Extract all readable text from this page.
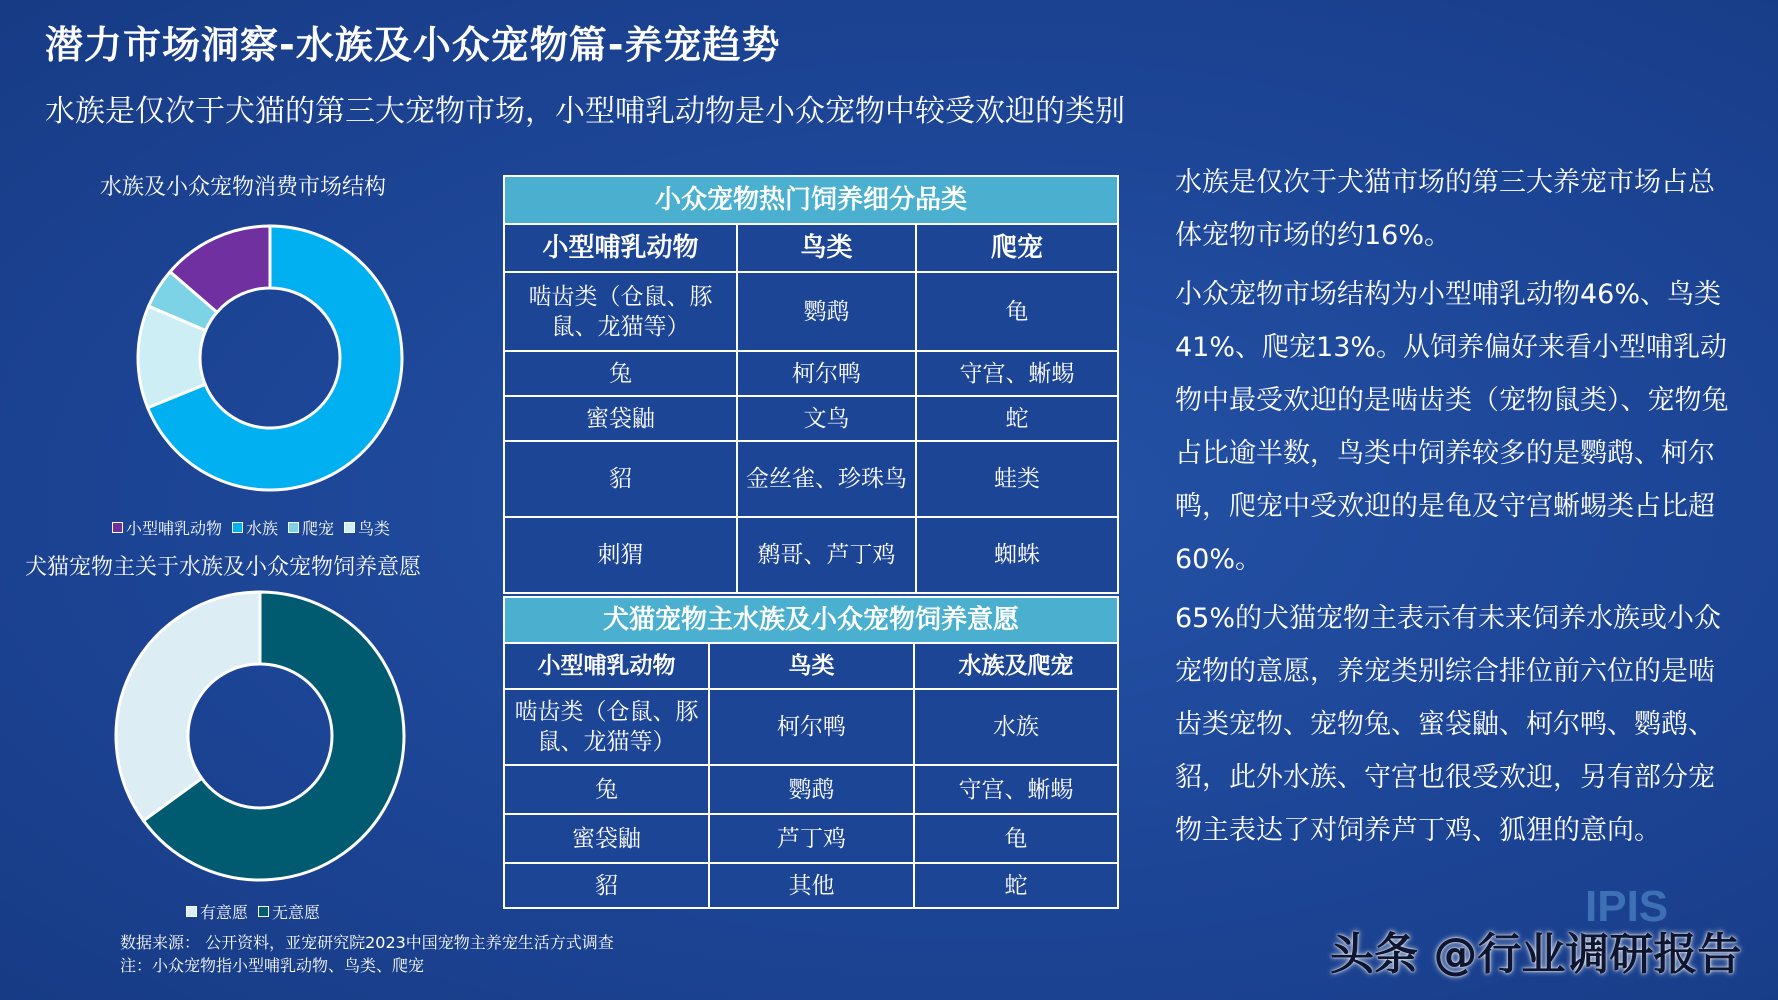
潜力市场洞察-水族及小众宠物篇-养宠趋势
水族是仅次于犬猫的第三大宠物市场，小型哺乳动物是小众宠物中较受欢迎的类别
水族及小众宠物消费市场结构
小型哺乳动物 水族 爬宠 鸟类
犬猫宠物主关于水族及小众宠物饲养意愿
有意愿 无意愿
小众宠物热门饲养细分品类		
小型哺乳动物	鸟类	爬宠
啮齿类（仓鼠、豚鼠、龙猫等）	鹦鹉	龟
兔	柯尔鸭	守宫、蜥蜴
蜜袋鼬	文鸟	蛇
貂	金丝雀、珍珠鸟	蛙类
刺猬	鹩哥、芦丁鸡	蜘蛛
犬猫宠物主水族及小众宠物饲养意愿		
小型哺乳动物	鸟类	水族及爬宠
啮齿类（仓鼠、豚鼠、龙猫等）	柯尔鸭	水族
兔	鹦鹉	守宫、蜥蜴
蜜袋鼬	芦丁鸡	龟
貂	其他	蛇

水族是仅次于犬猫市场的第三大养宠市场占总体宠物市场的约16%。

小众宠物市场结构为小型哺乳动物46%、鸟类41%、爬宠13%。从饲养偏好来看小型哺乳动物中最受欢迎的是啮齿类（宠物鼠类）、宠物兔占比逾半数，鸟类中饲养较多的是鹦鹉、柯尔鸭，爬宠中受欢迎的是龟及守宫蜥蜴类占比超60%。

65%的犬猫宠物主表示有未来饲养水族或小众宠物的意愿，养宠类别综合排位前六位的是啮齿类宠物、宠物兔、蜜袋鼬、柯尔鸭、鹦鹉、貂，此外水族、守宫也很受欢迎，另有部分宠物主表达了对饲养芦丁鸡、狐狸的意向。

数据来源： 公开资料，亚宠研究院2023中国宠物主养宠生活方式调查
注：小众宠物指小型哺乳动物、鸟类、爬宠
IPIS
头条 @行业调研报告
